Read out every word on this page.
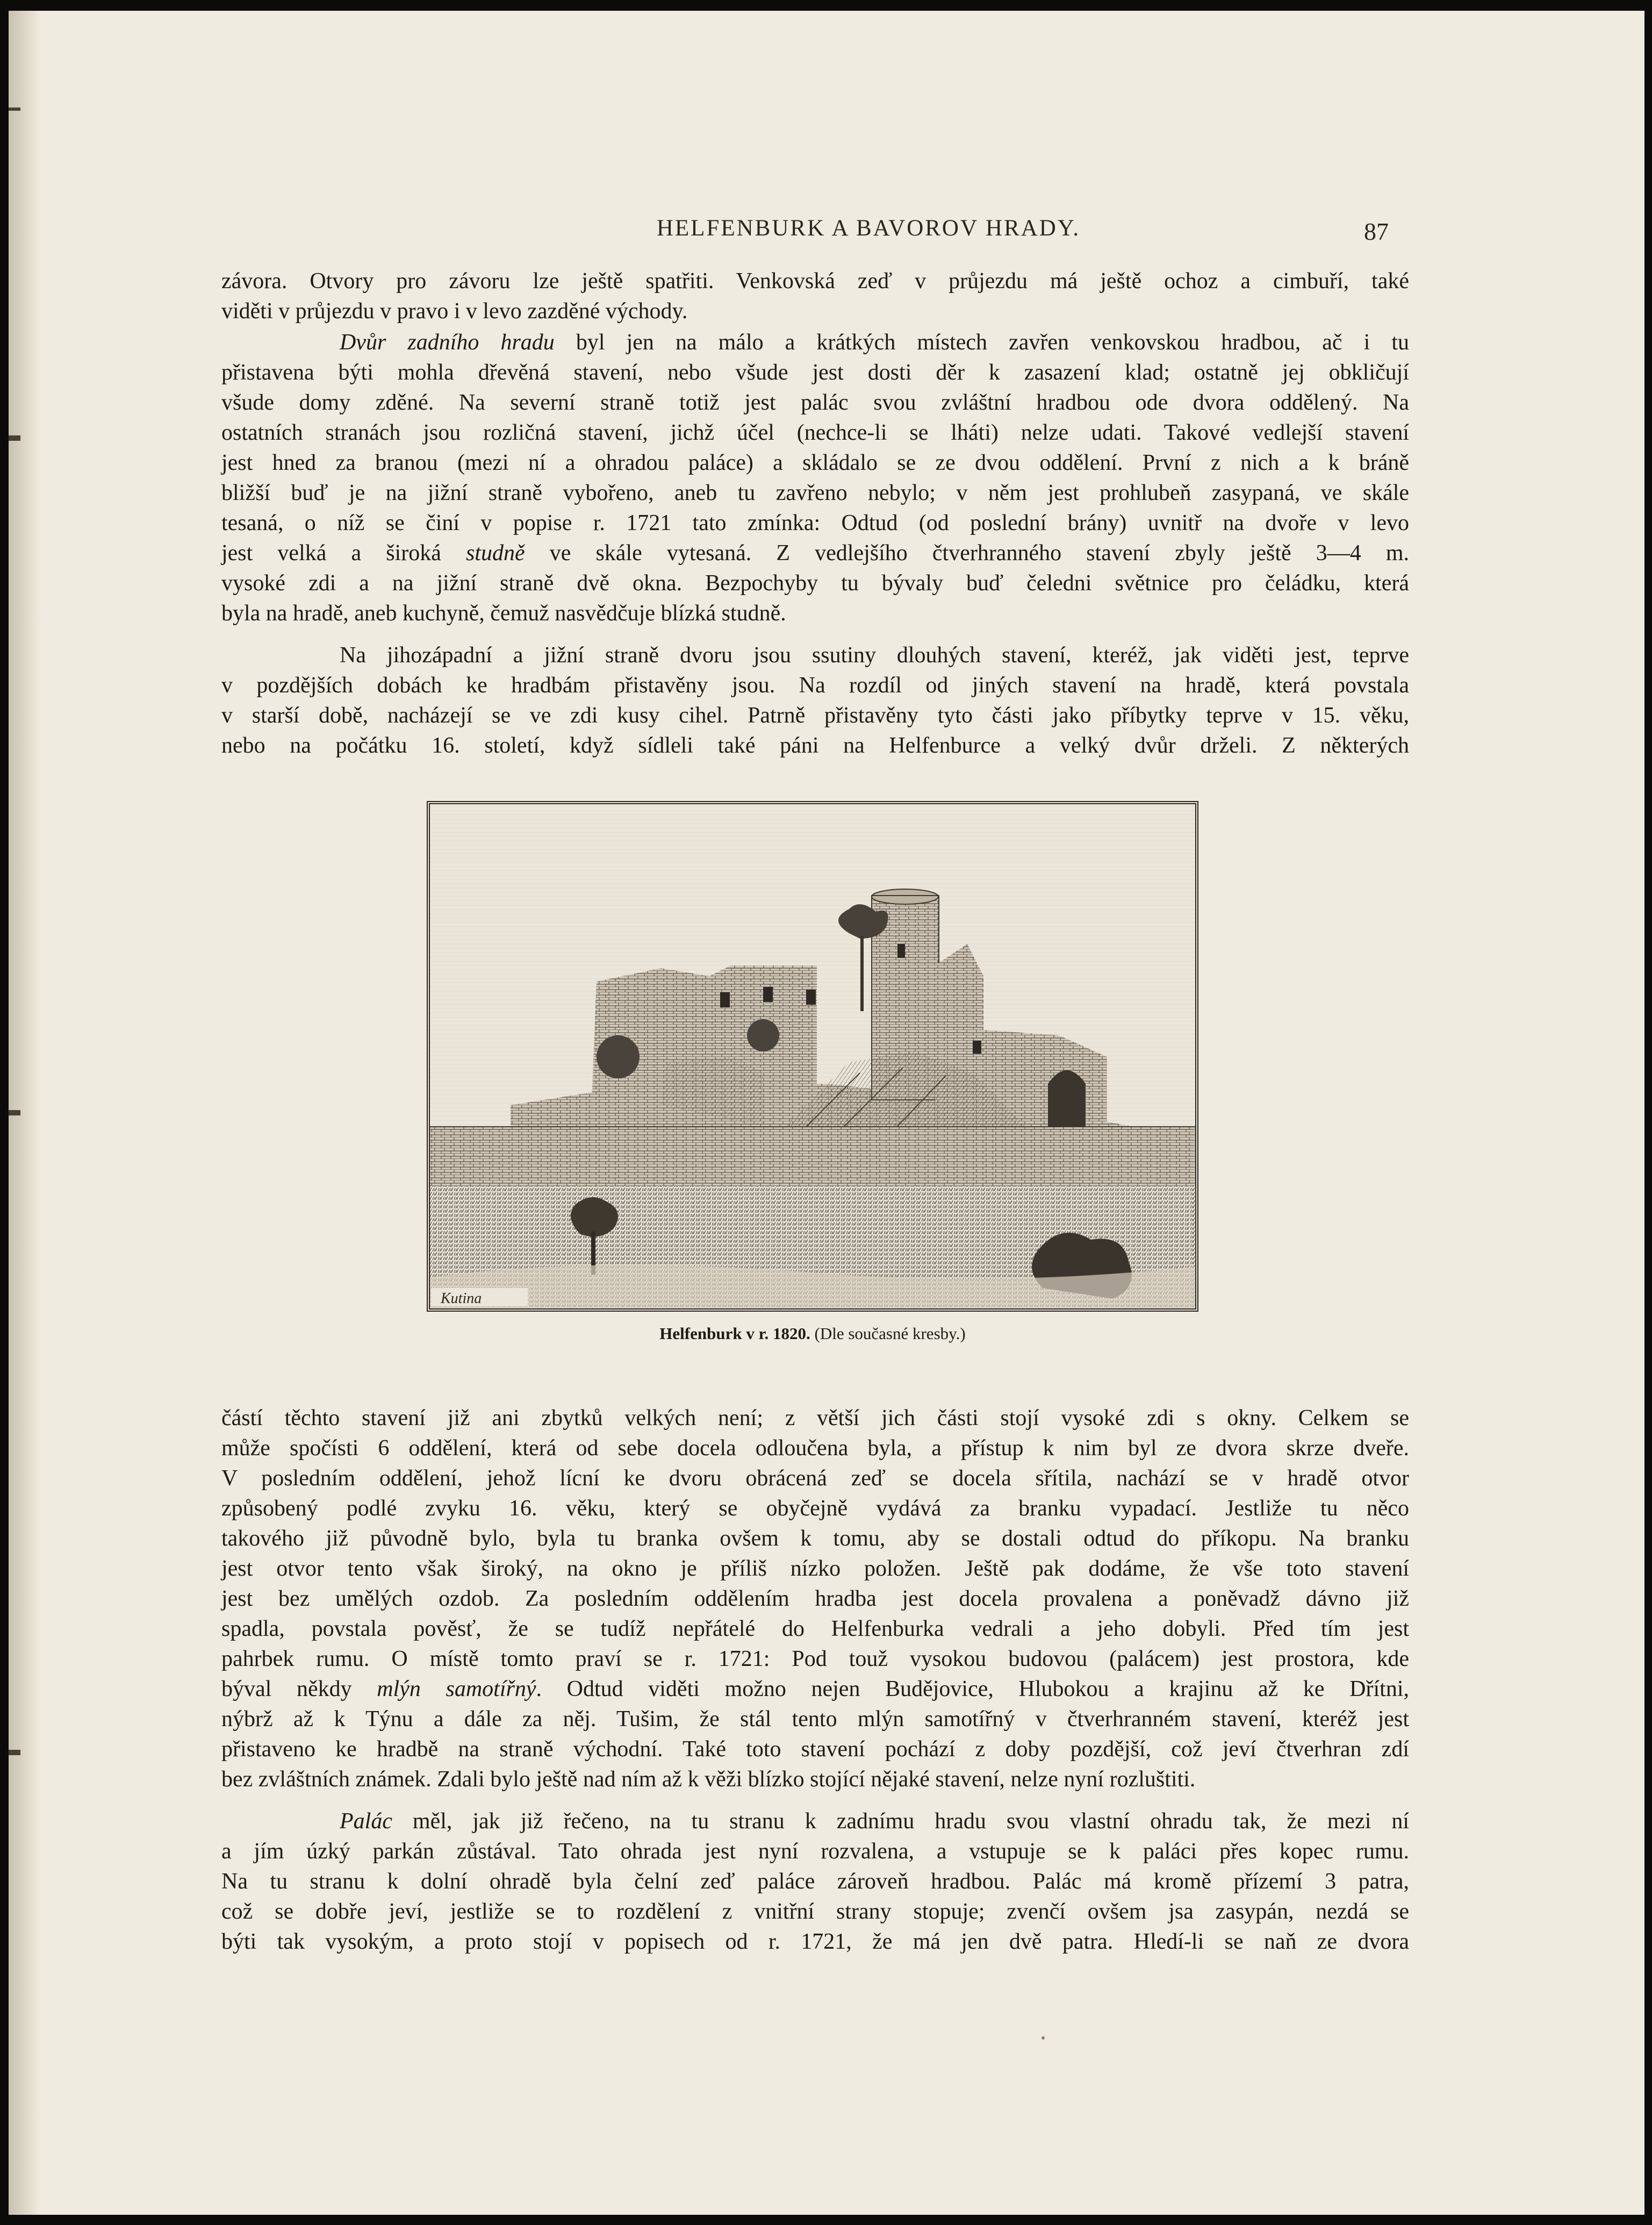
HELFENBURK A BAVOROV HRADY.	87
závora. Otvory pro závoru lze ještě spatřiti. Venkovská zeď v průjezdu má ještě ochoz a cimbuří, také
viděti v průjezdu v pravo i v levo zazděné východy.
Dvůr zadního hradu byl jen na málo a krátkých místech zavřen venkovskou hradbou, ač i tu
přistavena býti mohla dřevěná stavení, nebo všude jest dosti děr k zasazení klad; ostatně jej obkličují
všude domy zděné. Na severní straně totiž jest palác svou zvláštní hradbou ode dvora oddělený. Na
ostatních stranách jsou rozličná stavení, jichž účel (nechce-li se lháti) nelze udati. Takové vedlejší stavení
jest hned za branou (mezi ní a ohradou paláce) a skládalo se ze dvou oddělení. První z nich a k bráně
bližší buď je na jižní straně vybořeno, aneb tu zavřeno nebylo; v něm jest prohlubeň zasypaná, ve skále
tesaná, o níž se činí v popise r. 1721 tato zmínka: Odtud (od poslední brány) uvnitř na dvoře v levo
jest velká a široká studně ve skále vytesaná. Z vedlejšího čtverhranného stavení zbyly ještě 3—4 m.
vysoké zdi a na jižní straně dvě okna. Bezpochyby tu bývaly buď čeledni světnice pro čeládku, která
byla na hradě, aneb kuchyně, čemuž nasvědčuje blízká studně.
Na jihozápadní a jižní straně dvoru jsou ssutiny dlouhých stavení, kteréž, jak viděti jest, teprve
v pozdějších dobách ke hradbám přistavěny jsou. Na rozdíl od jiných stavení na hradě, která povstala
v starší době, nacházejí se ve zdi kusy cihel. Patrně přistavěny tyto části jako příbytky teprve v 15. věku,
nebo na počátku 16. století, když sídleli také páni na Helfenburce a velký dvůr drželi. Z některých
Kutina
Helfenburk v r. 1820. (Dle současné kresby.)
částí těchto stavení již ani zbytků velkých není; z větší jich části stojí vysoké zdi s okny. Celkem se
může spočísti 6 oddělení, která od sebe docela odloučena byla, a přístup k nim byl ze dvora skrze dveře.
V posledním oddělení, jehož lícní ke dvoru obrácená zeď se docela sřítila, nachází se v hradě otvor
způsobený podlé zvyku 16. věku, který se obyčejně vydává za branku vypadací. Jestliže tu něco
takového již původně bylo, byla tu branka ovšem k tomu, aby se dostali odtud do příkopu. Na branku
jest otvor tento však široký, na okno je příliš nízko položen. Ještě pak dodáme, že vše toto stavení
jest bez umělých ozdob. Za posledním oddělením hradba jest docela provalena a poněvadž dávno již
spadla, povstala pověsť, že se tudíž nepřátelé do Helfenburka vedrali a jeho dobyli. Před tím jest
pahrbek rumu. O místě tomto praví se r. 1721: Pod touž vysokou budovou (palácem) jest prostora, kde
býval někdy mlýn samotířný. Odtud viděti možno nejen Budějovice, Hlubokou a krajinu až ke Dřítni,
nýbrž až k Týnu a dále za něj. Tušim, že stál tento mlýn samotířný v čtverhranném stavení, kteréž jest
přistaveno ke hradbě na straně východní. Také toto stavení pochází z doby pozdější, což jeví čtverhran zdí
bez zvláštních známek. Zdali bylo ještě nad ním až k věži blízko stojící nějaké stavení, nelze nyní rozluštiti.
Palác měl, jak již řečeno, na tu stranu k zadnímu hradu svou vlastní ohradu tak, že mezi ní
a jím úzký parkán zůstával. Tato ohrada jest nyní rozvalena, a vstupuje se k paláci přes kopec rumu.
Na tu stranu k dolní ohradě byla čelní zeď paláce zároveň hradbou. Palác má kromě přízemí 3 patra,
což se dobře jeví, jestliže se to rozdělení z vnitřní strany stopuje; zvenčí ovšem jsa zasypán, nezdá se
býti tak vysokým, a proto stojí v popisech od r. 1721, že má jen dvě patra. Hledí-li se naň ze dvora
